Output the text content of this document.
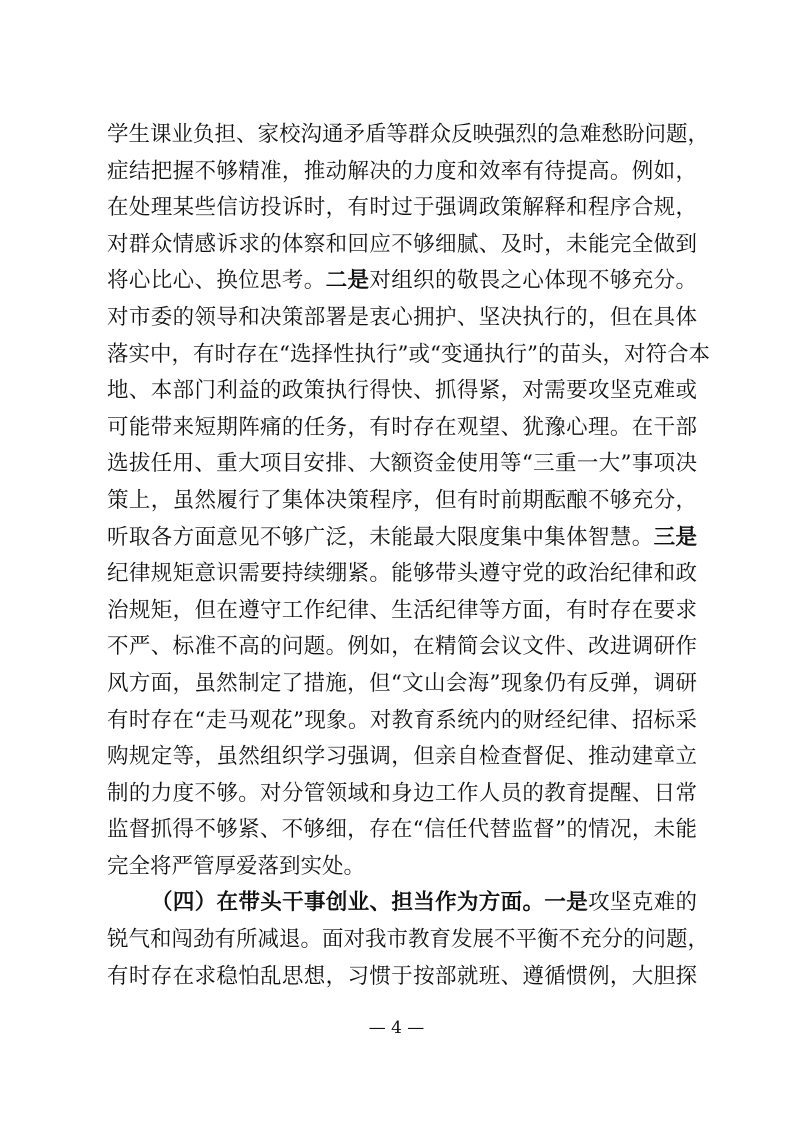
学生课业负担、家校沟通矛盾等群众反映强烈的急难愁盼问题，
症结把握不够精准，推动解决的力度和效率有待提高。例如，
在处理某些信访投诉时，有时过于强调政策解释和程序合规，
对群众情感诉求的体察和回应不够细腻、及时，未能完全做到
将心比心、换位思考。二是对组织的敬畏之心体现不够充分。
对市委的领导和决策部署是衷心拥护、坚决执行的，但在具体
落实中，有时存在“选择性执行”或“变通执行”的苗头，对符合本
地、本部门利益的政策执行得快、抓得紧，对需要攻坚克难或
可能带来短期阵痛的任务，有时存在观望、犹豫心理。在干部
选拔任用、重大项目安排、大额资金使用等“三重一大”事项决
策上，虽然履行了集体决策程序，但有时前期酝酿不够充分，
听取各方面意见不够广泛，未能最大限度集中集体智慧。三是
纪律规矩意识需要持续绷紧。能够带头遵守党的政治纪律和政
治规矩，但在遵守工作纪律、生活纪律等方面，有时存在要求
不严、标准不高的问题。例如，在精简会议文件、改进调研作
风方面，虽然制定了措施，但“文山会海”现象仍有反弹，调研
有时存在“走马观花”现象。对教育系统内的财经纪律、招标采
购规定等，虽然组织学习强调，但亲自检查督促、推动建章立
制的力度不够。对分管领域和身边工作人员的教育提醒、日常
监督抓得不够紧、不够细，存在“信任代替监督”的情况，未能
完全将严管厚爱落到实处。
（四）在带头干事创业、担当作为方面。一是攻坚克难的
锐气和闯劲有所减退。面对我市教育发展不平衡不充分的问题，
有时存在求稳怕乱思想，习惯于按部就班、遵循惯例，大胆探
— 4 —
